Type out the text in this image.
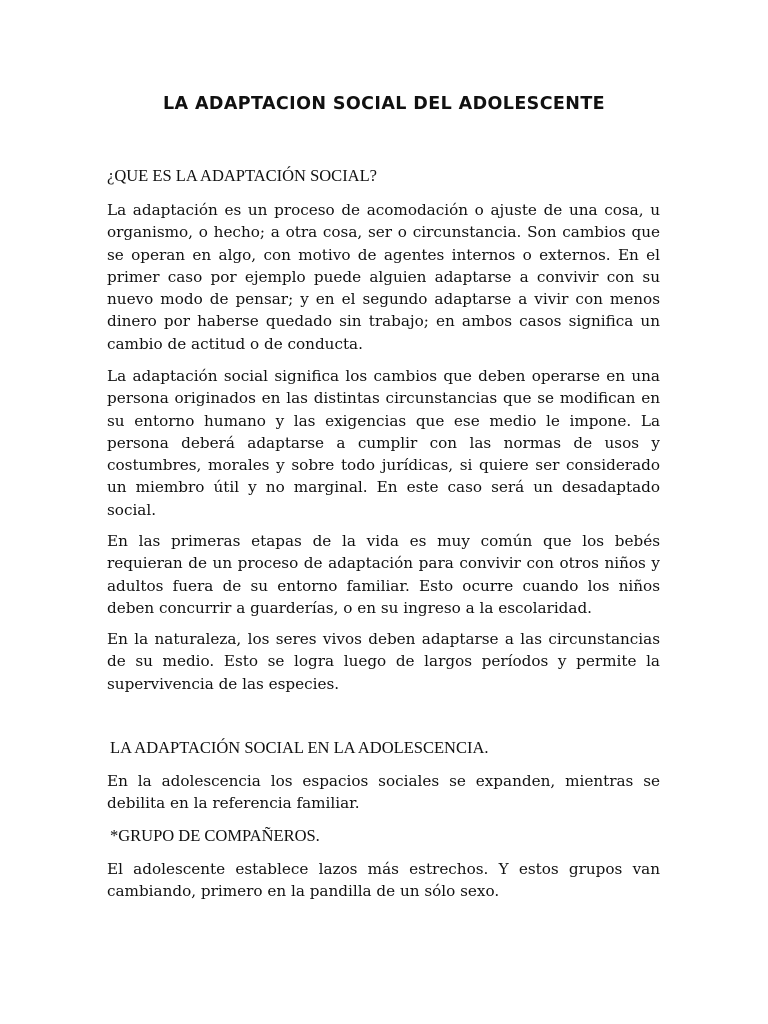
LA ADAPTACION SOCIAL DEL ADOLESCENTE

¿QUE ES LA ADAPTACIÓN SOCIAL?

La adaptación es un proceso de acomodación o ajuste de una cosa, u organismo, o hecho; a otra cosa, ser o circunstancia. Son cambios que se operan en algo, con motivo de agentes internos o externos. En el primer caso por ejemplo puede alguien adaptarse a convivir con su nuevo modo de pensar; y en el segundo adaptarse a vivir con menos dinero por haberse quedado sin trabajo; en ambos casos significa un cambio de actitud o de conducta.

La adaptación social significa los cambios que deben operarse en una persona originados en las distintas circunstancias que se modifican en su entorno humano y las exigencias que ese medio le impone. La persona deberá adaptarse a cumplir con las normas de usos y costumbres, morales y sobre todo jurídicas, si quiere ser considerado un miembro útil y no marginal. En este caso será un desadaptado social.

En las primeras etapas de la vida es muy común que los bebés requieran de un proceso de adaptación para convivir con otros niños y adultos fuera de su entorno familiar. Esto ocurre cuando los niños deben concurrir a guarderías, o en su ingreso a la escolaridad.

En la naturaleza, los seres vivos deben adaptarse a las circunstancias de su medio. Esto se logra luego de largos períodos y permite la supervivencia de las especies.

LA ADAPTACIÓN SOCIAL EN LA ADOLESCENCIA.

En la adolescencia los espacios sociales se expanden, mientras se debilita en la referencia familiar.

*GRUPO DE COMPAÑEROS.

El adolescente establece lazos más estrechos. Y estos grupos van cambiando, primero en la pandilla de un sólo sexo.
